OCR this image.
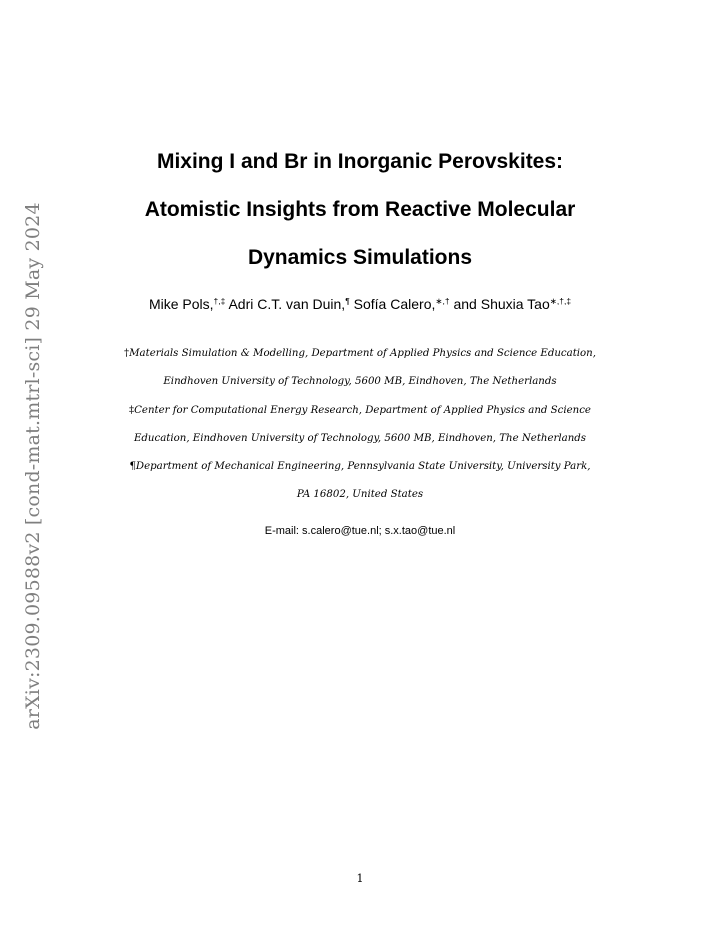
arXiv:2309.09588v2 [cond-mat.mtrl-sci] 29 May 2024
Mixing I and Br in Inorganic Perovskites:
Atomistic Insights from Reactive Molecular
Dynamics Simulations
Mike Pols,†,‡ Adri C.T. van Duin,¶ Sofía Calero,∗,† and Shuxia Tao∗,†,‡
†Materials Simulation & Modelling, Department of Applied Physics and Science Education,
Eindhoven University of Technology, 5600 MB, Eindhoven, The Netherlands
‡Center for Computational Energy Research, Department of Applied Physics and Science
Education, Eindhoven University of Technology, 5600 MB, Eindhoven, The Netherlands
¶Department of Mechanical Engineering, Pennsylvania State University, University Park,
PA 16802, United States
E-mail: s.calero@tue.nl; s.x.tao@tue.nl
1
